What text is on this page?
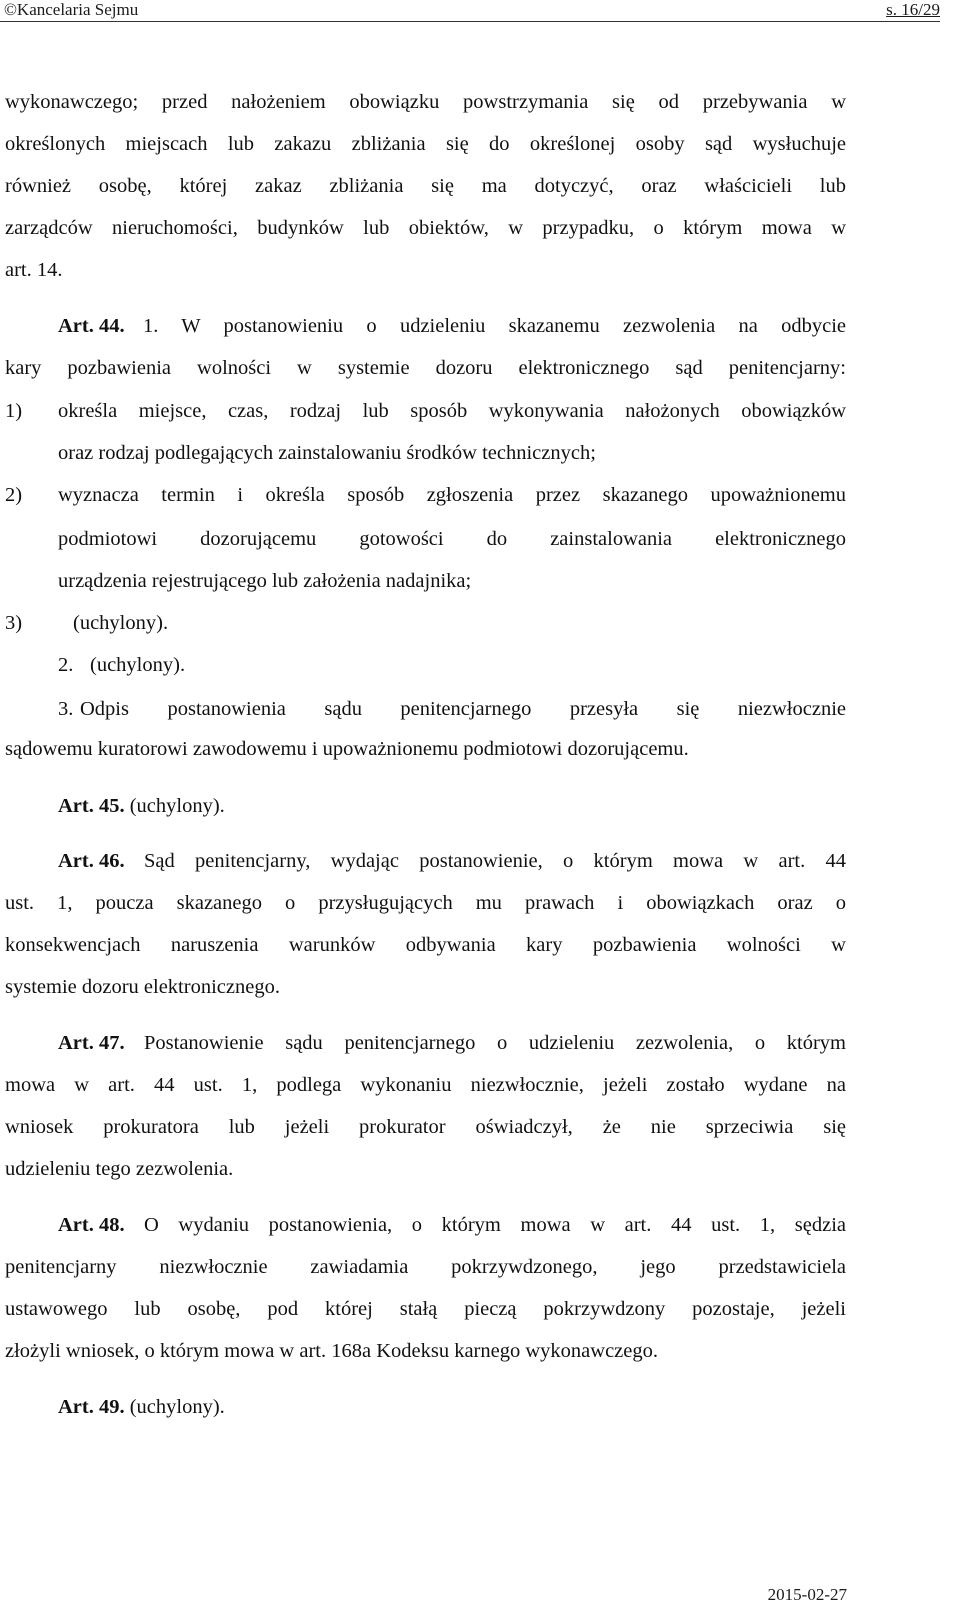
©Kancelaria Sejmu	s. 16/29
wykonawczego; przed nałożeniem obowiązku powstrzymania się od przebywania w
określonych miejscach lub zakazu zbliżania się do określonej osoby sąd wysłuchuje
również osobę, której zakaz zbliżania się ma dotyczyć, oraz właścicieli lub
zarządców nieruchomości, budynków lub obiektów, w przypadku, o którym mowa w
art. 14.
Art. 44. 1. W postanowieniu o udzieleniu skazanemu zezwolenia na odbycie
kary pozbawienia wolności w systemie dozoru elektronicznego sąd penitencjarny:
1)	określa miejsce, czas, rodzaj lub sposób wykonywania nałożonych obowiązków
oraz rodzaj podlegających zainstalowaniu środków technicznych;
2)	wyznacza termin i określa sposób zgłoszenia przez skazanego upoważnionemu
podmiotowi dozorującemu gotowości do zainstalowania elektronicznego
urządzenia rejestrującego lub założenia nadajnika;
3)	(uchylony).
2. (uchylony).
3. Odpis postanowienia sądu penitencjarnego przesyła się niezwłocznie
sądowemu kuratorowi zawodowemu i upoważnionemu podmiotowi dozorującemu.
Art. 45. (uchylony).
Art. 46. Sąd penitencjarny, wydając postanowienie, o którym mowa w art. 44
ust. 1, poucza skazanego o przysługujących mu prawach i obowiązkach oraz o
konsekwencjach naruszenia warunków odbywania kary pozbawienia wolności w
systemie dozoru elektronicznego.
Art. 47. Postanowienie sądu penitencjarnego o udzieleniu zezwolenia, o którym
mowa w art. 44 ust. 1, podlega wykonaniu niezwłocznie, jeżeli zostało wydane na
wniosek prokuratora lub jeżeli prokurator oświadczył, że nie sprzeciwia się
udzieleniu tego zezwolenia.
Art. 48. O wydaniu postanowienia, o którym mowa w art. 44 ust. 1, sędzia
penitencjarny niezwłocznie zawiadamia pokrzywdzonego, jego przedstawiciela
ustawowego lub osobę, pod której stałą pieczą pokrzywdzony pozostaje, jeżeli
złożyli wniosek, o którym mowa w art. 168a Kodeksu karnego wykonawczego.
Art. 49. (uchylony).
2015-02-27
